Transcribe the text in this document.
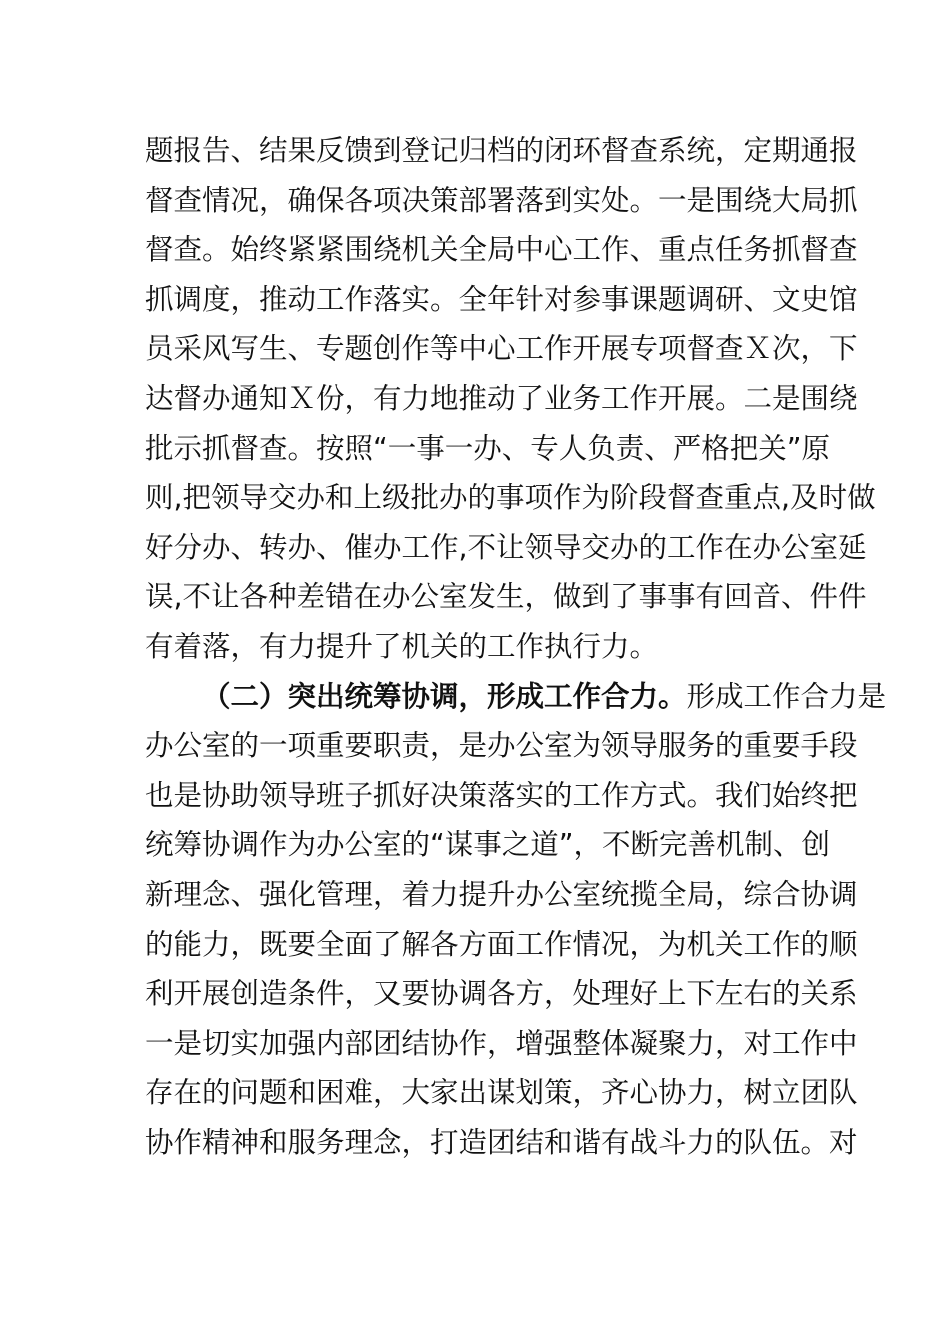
题报告、结果反馈到登记归档的闭环督查系统，定期通报
督查情况，确保各项决策部署落到实处。一是围绕大局抓
督查。始终紧紧围绕机关全局中心工作、重点任务抓督查
抓调度，推动工作落实。全年针对参事课题调研、文史馆
员采风写生、专题创作等中心工作开展专项督查Ｘ次，下
达督办通知Ｘ份，有力地推动了业务工作开展。二是围绕
批示抓督查。按照“一事一办、专人负责、严格把关”原
则,把领导交办和上级批办的事项作为阶段督查重点,及时做
好分办、转办、催办工作,不让领导交办的工作在办公室延
误,不让各种差错在办公室发生，做到了事事有回音、件件
有着落，有力提升了机关的工作执行力。
（二）突出统筹协调，形成工作合力。形成工作合力是
办公室的一项重要职责，是办公室为领导服务的重要手段
也是协助领导班子抓好决策落实的工作方式。我们始终把
统筹协调作为办公室的“谋事之道”，不断完善机制、创
新理念、强化管理，着力提升办公室统揽全局，综合协调
的能力，既要全面了解各方面工作情况，为机关工作的顺
利开展创造条件，又要协调各方，处理好上下左右的关系
一是切实加强内部团结协作，增强整体凝聚力，对工作中
存在的问题和困难，大家出谋划策，齐心协力，树立团队
协作精神和服务理念，打造团结和谐有战斗力的队伍。对
